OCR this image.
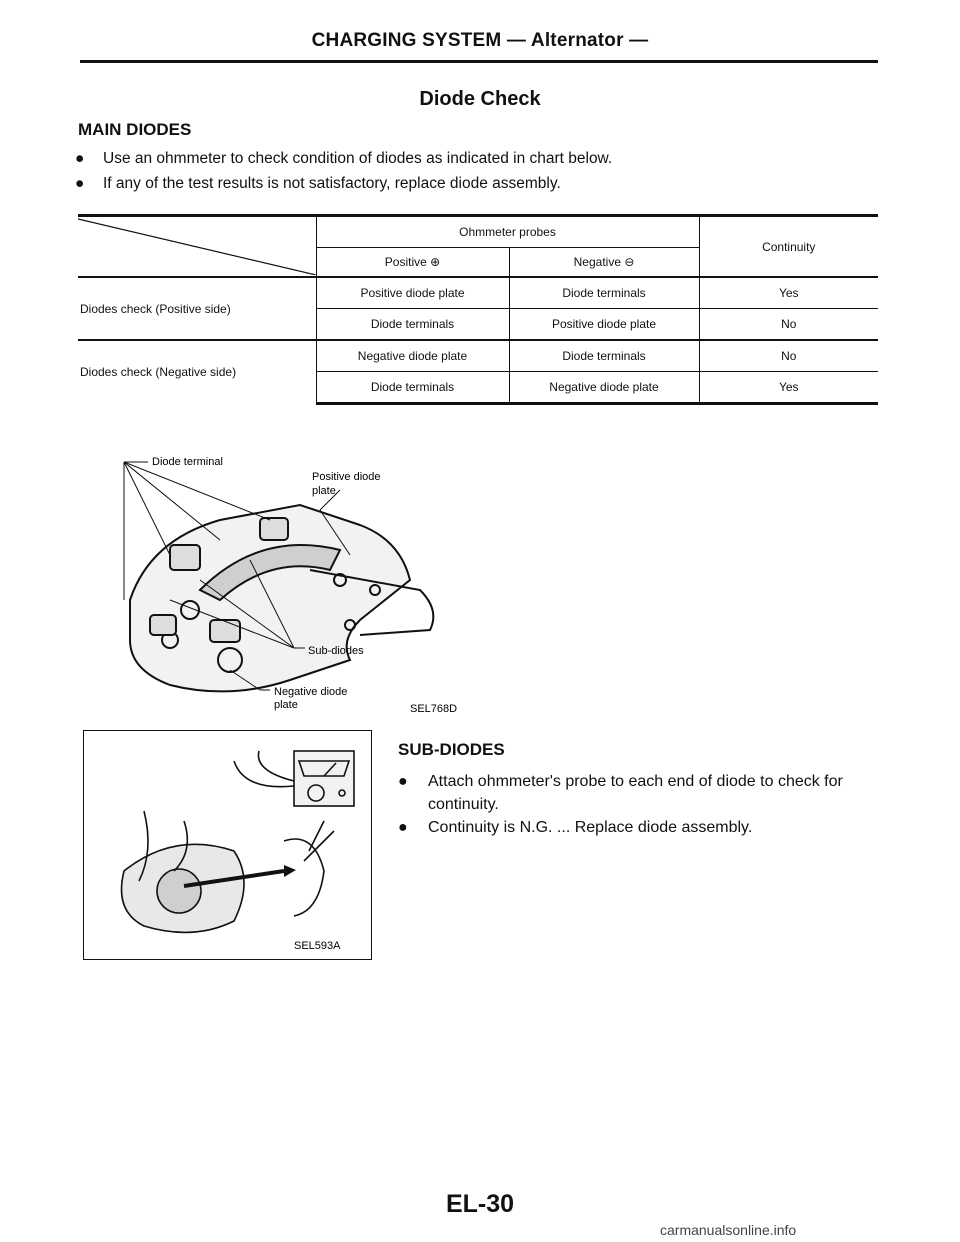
CHARGING SYSTEM — Alternator —
Diode Check
MAIN DIODES
●	Use an ohmmeter to check condition of diodes as indicated in chart below.
●	If any of the test results is not satisfactory, replace diode assembly.
	Ohmmeter probes		Continuity
	Positive ⊕	Negative ⊖	
Diodes check (Positive side)	Positive diode plate	Diode terminals	Yes
	Diode terminals	Positive diode plate	No
Diodes check (Negative side)	Negative diode plate	Diode terminals	No
	Diode terminals	Negative diode plate	Yes
Diode terminal
Positive diode
plate
Sub-diodes
Negative diode
plate	SEL768D
SEL593A
SUB-DIODES
●	Attach ohmmeter's probe to each end of diode to check for continuity.
●	Continuity is N.G. ... Replace diode assembly.
EL-30
carmanualsonline.info
